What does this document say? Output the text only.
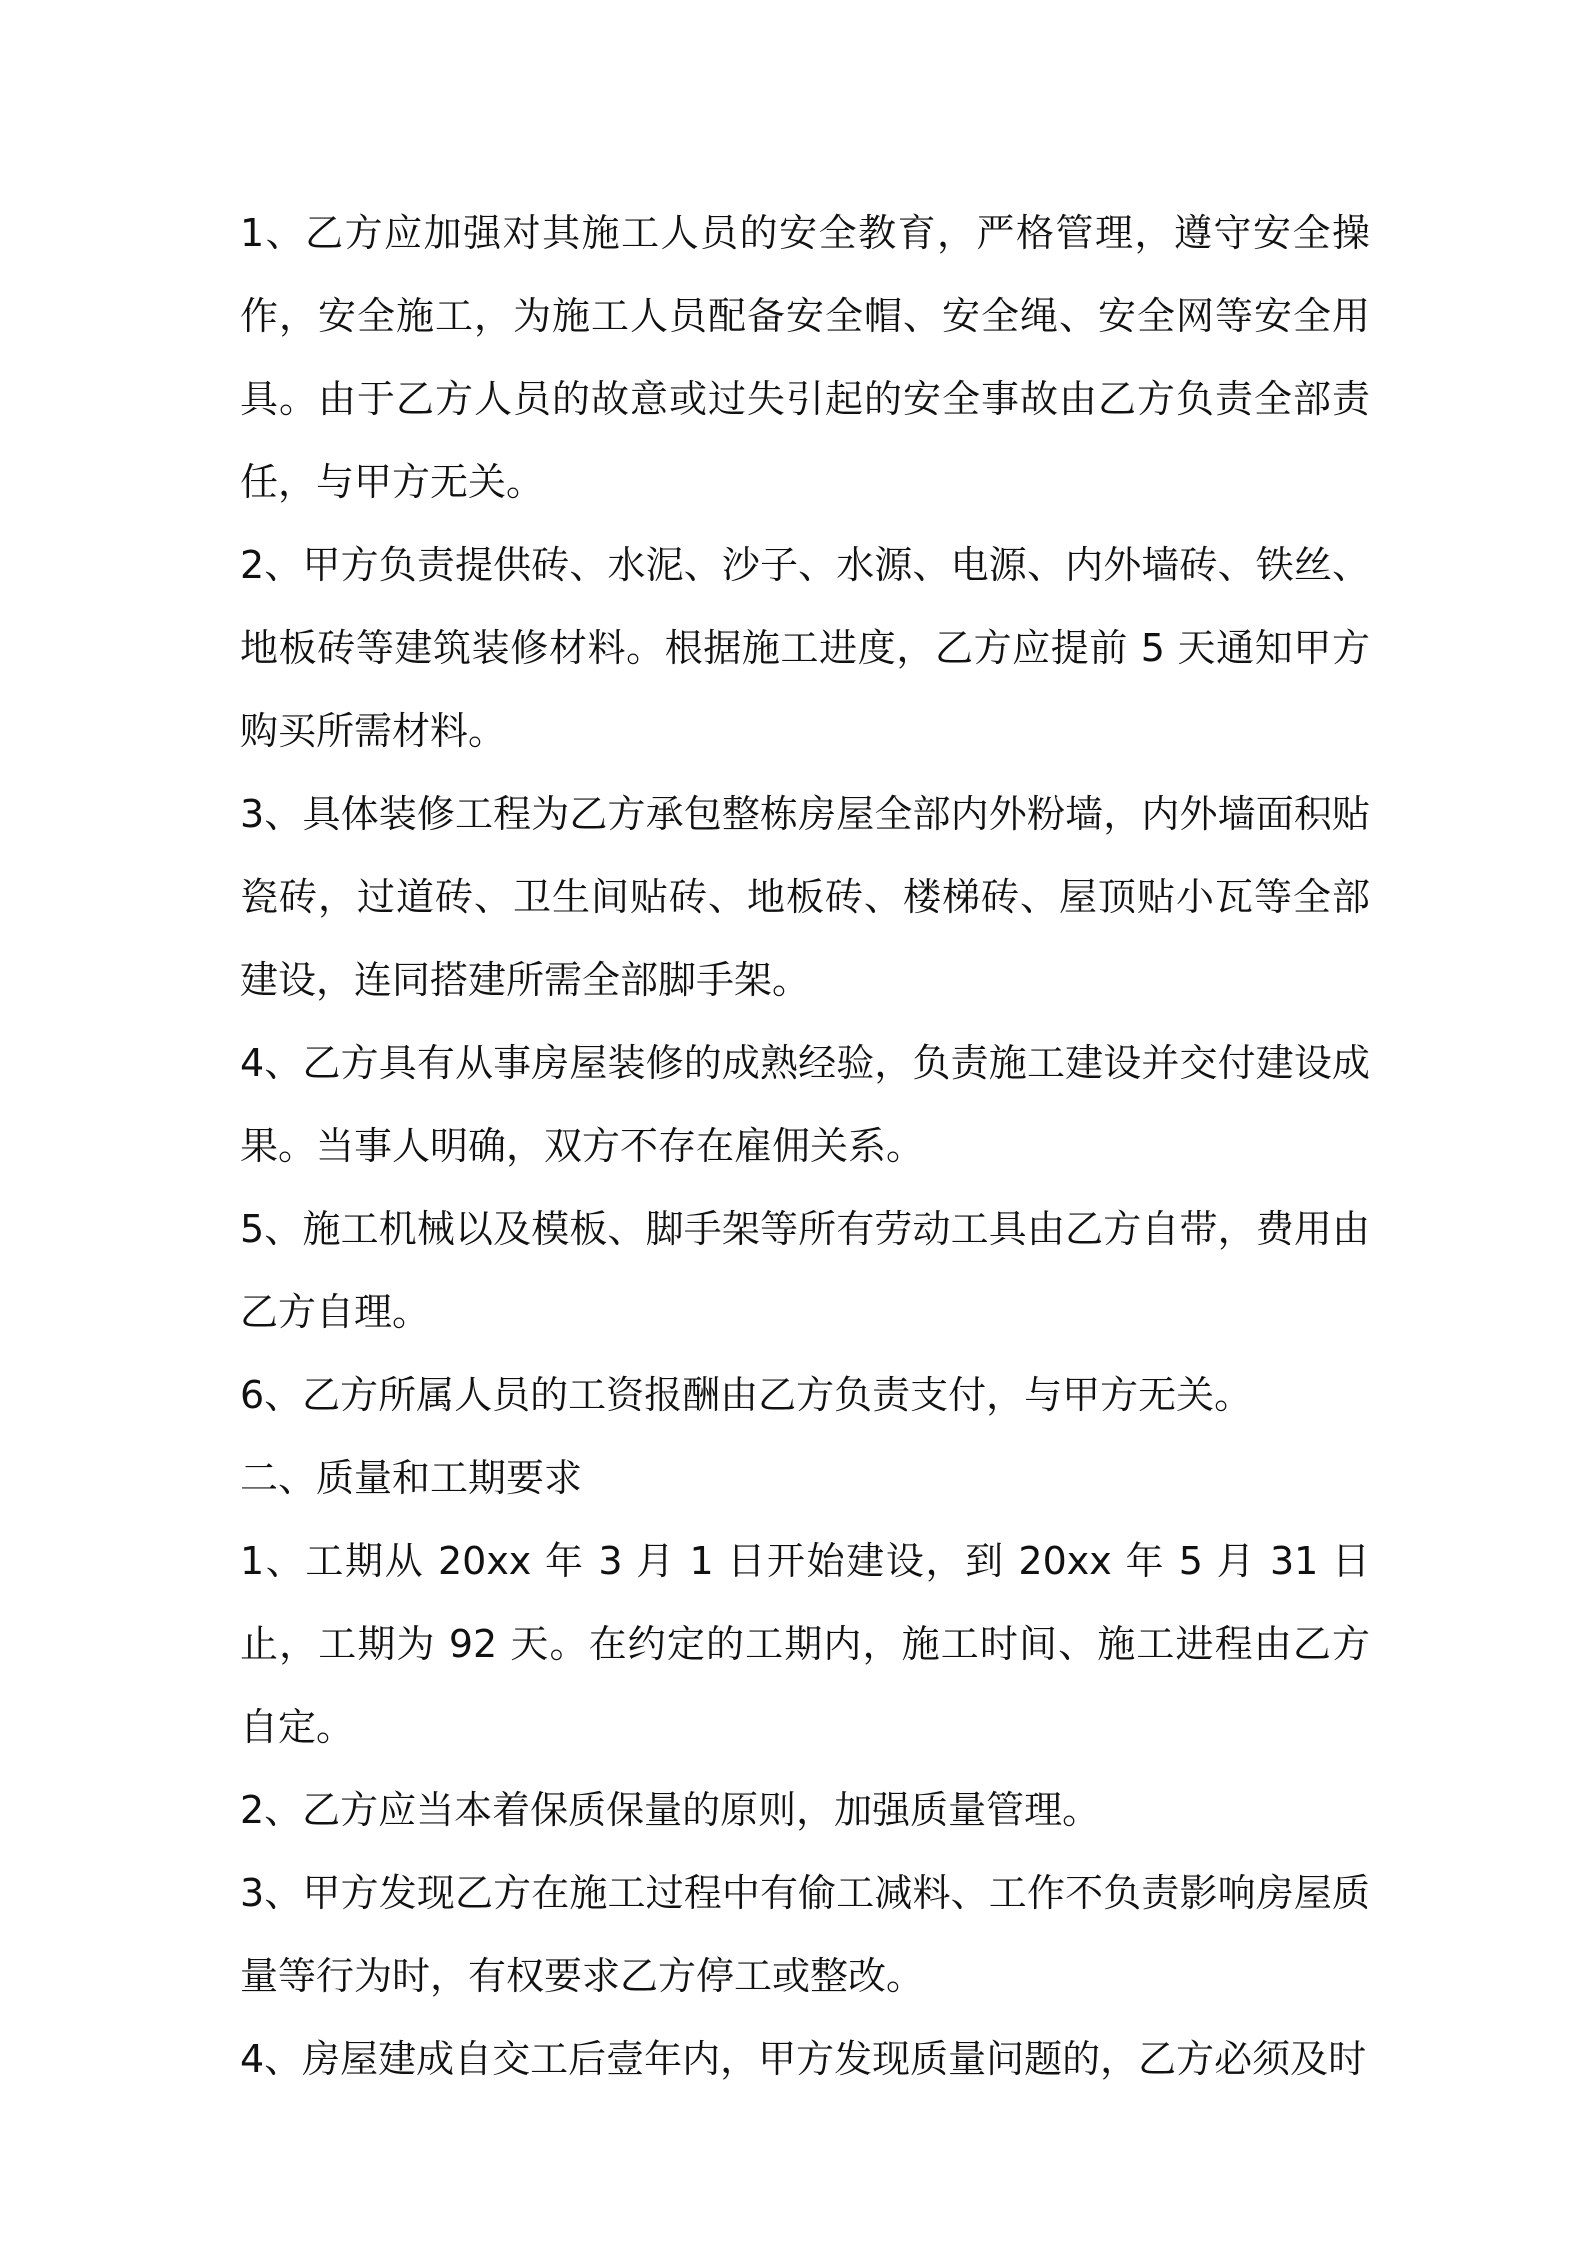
1、乙方应加强对其施工人员的安全教育，严格管理，遵守安全操作，安全施工，为施工人员配备安全帽、安全绳、安全网等安全用具。由于乙方人员的故意或过失引起的安全事故由乙方负责全部责任，与甲方无关。

2、甲方负责提供砖、水泥、沙子、水源、电源、内外墙砖、铁丝、地板砖等建筑装修材料。根据施工进度，乙方应提前 5 天通知甲方购买所需材料。

3、具体装修工程为乙方承包整栋房屋全部内外粉墙，内外墙面积贴瓷砖，过道砖、卫生间贴砖、地板砖、楼梯砖、屋顶贴小瓦等全部建设，连同搭建所需全部脚手架。

4、乙方具有从事房屋装修的成熟经验，负责施工建设并交付建设成果。当事人明确，双方不存在雇佣关系。

5、施工机械以及模板、脚手架等所有劳动工具由乙方自带，费用由乙方自理。

6、乙方所属人员的工资报酬由乙方负责支付，与甲方无关。

二、质量和工期要求

1、工期从 20xx 年 3 月 1 日开始建设，到 20xx 年 5 月 31 日止，工期为 92 天。在约定的工期内，施工时间、施工进程由乙方自定。

2、乙方应当本着保质保量的原则，加强质量管理。

3、甲方发现乙方在施工过程中有偷工减料、工作不负责影响房屋质量等行为时，有权要求乙方停工或整改。

4、房屋建成自交工后壹年内，甲方发现质量问题的，乙方必须及时
